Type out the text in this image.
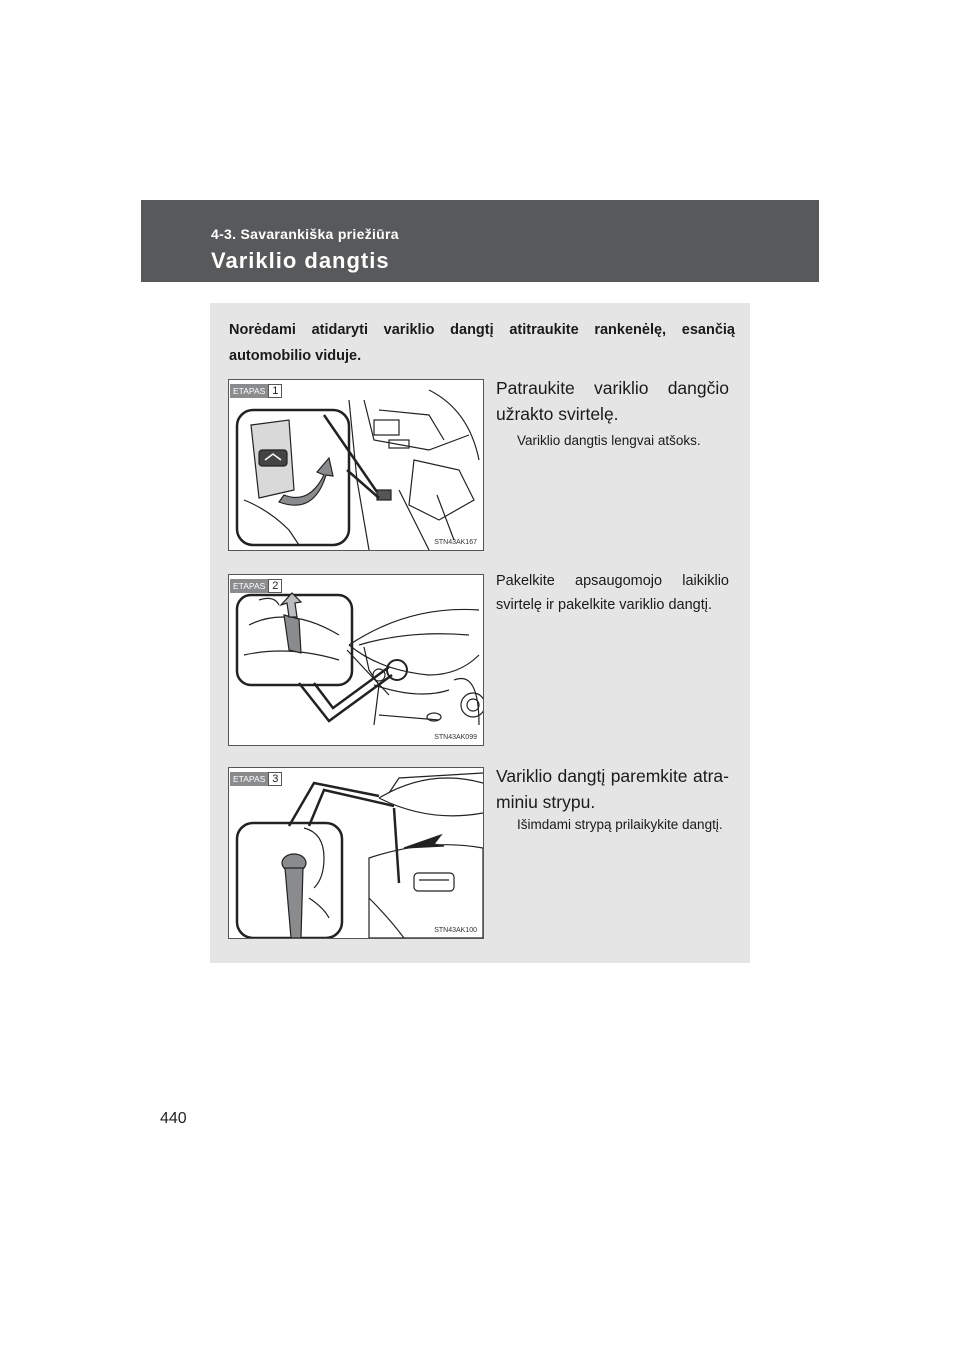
4-3. Savarankiška priežiūra
Variklio dangtis
Norėdami atidaryti variklio dangtį atitraukite rankenėlę, esančią automobilio viduje.
ETAPAS 1
STN43AK167
Patraukite variklio dangčio užrakto svirtelę.
Variklio dangtis lengvai atšoks.
ETAPAS 2
STN43AK099
Pakelkite apsaugomojo laikiklio svirtelę ir pakelkite variklio dangtį.
ETAPAS 3
STN43AK100
Variklio dangtį paremkite atra-miniu strypu.
Išimdami strypą prilaikykite dangtį.
440
